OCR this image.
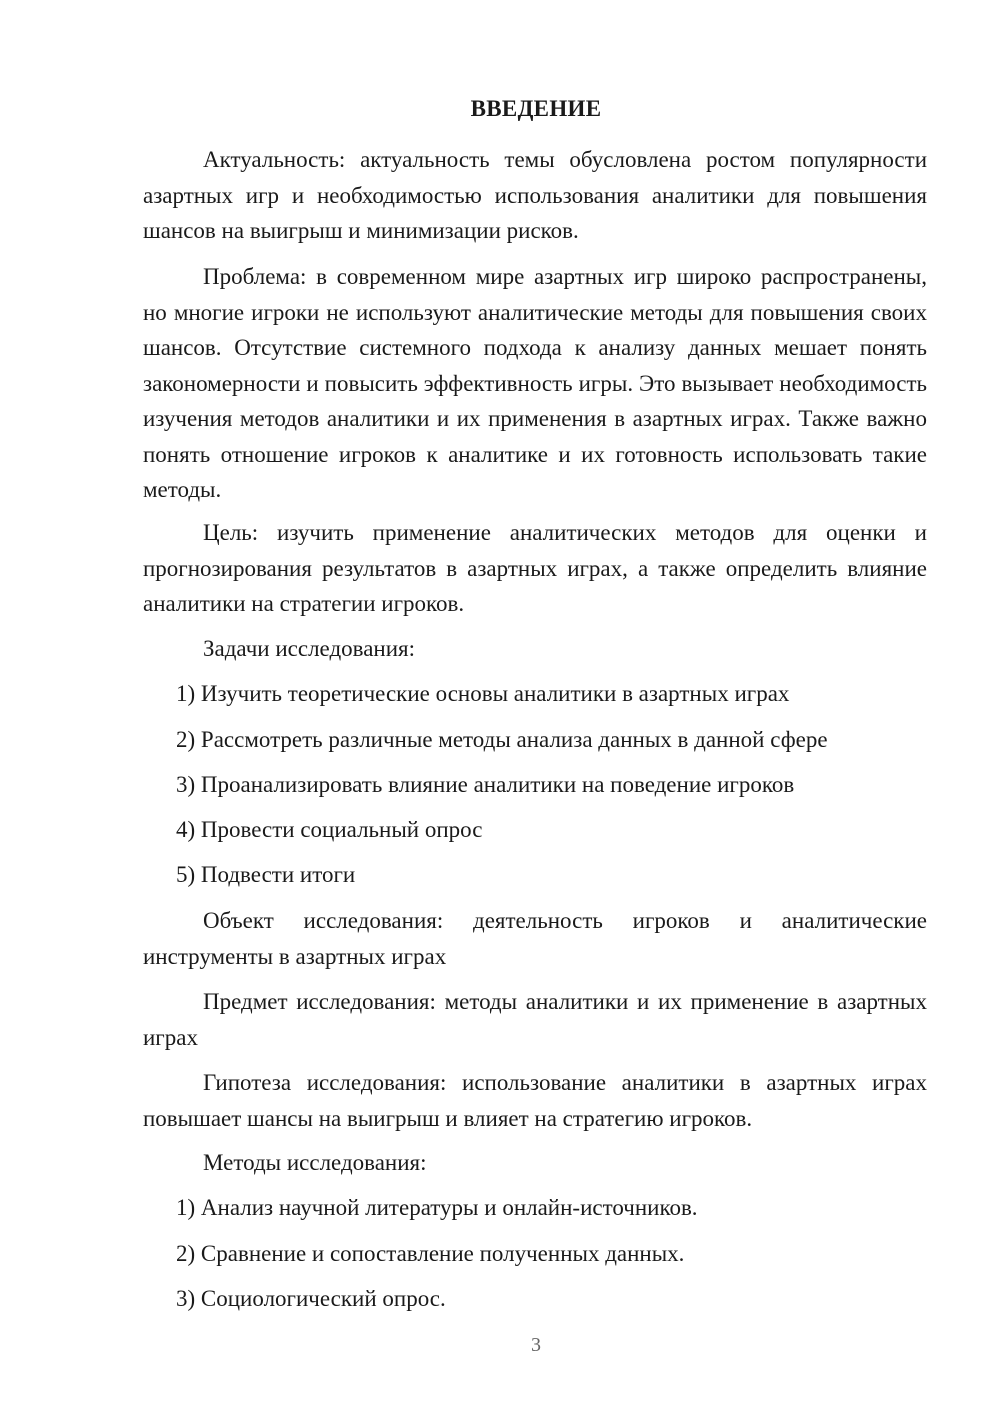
ВВЕДЕНИЕ
Актуальность: актуальность темы обусловлена ростом популярности азартных игр и необходимостью использования аналитики для повышения шансов на выигрыш и минимизации рисков.
Проблема: в современном мире азартных игр широко распространены, но многие игроки не используют аналитические методы для повышения своих шансов. Отсутствие системного подхода к анализу данных мешает понять закономерности и повысить эффективность игры. Это вызывает необходимость изучения методов аналитики и их применения в азартных играх. Также важно понять отношение игроков к аналитике и их готовность использовать такие методы.
Цель: изучить применение аналитических методов для оценки и прогнозирования результатов в азартных играх, а также определить влияние аналитики на стратегии игроков.
Задачи исследования:
1) Изучить теоретические основы аналитики в азартных играх
2) Рассмотреть различные методы анализа данных в данной сфере
3) Проанализировать влияние аналитики на поведение игроков
4) Провести социальный опрос
5) Подвести итоги
Объект исследования: деятельность игроков и аналитические инструменты в азартных играх
Предмет исследования: методы аналитики и их применение в азартных играх
Гипотеза исследования: использование аналитики в азартных играх повышает шансы на выигрыш и влияет на стратегию игроков.
Методы исследования:
1) Анализ научной литературы и онлайн-источников.
2) Сравнение и сопоставление полученных данных.
3) Социологический опрос.
3
